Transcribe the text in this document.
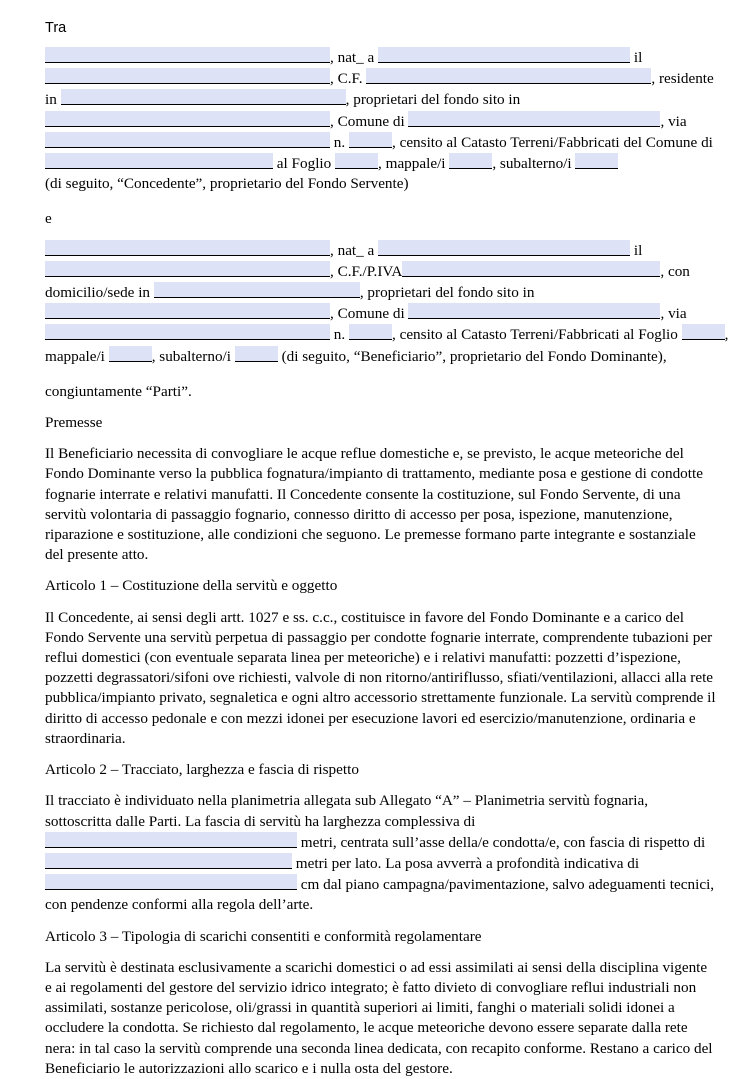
Tra

, nat_ a	il, C.F.	, residente in	, proprietari del fondo sito in , Comune di	, via  n.	, censito al Catasto Terreni/Fabbricati del Comune di  al Foglio	, mappale/i	, subalterno/i  (di seguito, “Concedente”, proprietario del Fondo Servente)

e

, nat_ a	il, C.F./P.IVA	, con domicilio/sede in	, proprietari del fondo sito in , Comune di	, via  n.	, censito al Catasto Terreni/Fabbricati al Foglio	, mappale/i	, subalterno/i	(di seguito, “Beneficiario”, proprietario del Fondo Dominante),

congiuntamente “Parti”.

Premesse

Il Beneficiario necessita di convogliare le acque reflue domestiche e, se previsto, le acque meteoriche del Fondo Dominante verso la pubblica fognatura/impianto di trattamento, mediante posa e gestione di condotte fognarie interrate e relativi manufatti. Il Concedente consente la costituzione, sul Fondo Servente, di una servitù volontaria di passaggio fognario, connesso diritto di accesso per posa, ispezione, manutenzione, riparazione e sostituzione, alle condizioni che seguono. Le premesse formano parte integrante e sostanziale del presente atto.

Articolo 1 – Costituzione della servitù e oggetto

Il Concedente, ai sensi degli artt. 1027 e ss. c.c., costituisce in favore del Fondo Dominante e a carico del Fondo Servente una servitù perpetua di passaggio per condotte fognarie interrate, comprendente tubazioni per reflui domestici (con eventuale separata linea per meteoriche) e i relativi manufatti: pozzetti d’ispezione, pozzetti degrassatori/sifoni ove richiesti, valvole di non ritorno/antiriflusso, sfiati/ventilazioni, allacci alla rete pubblica/impianto privato, segnaletica e ogni altro accessorio strettamente funzionale. La servitù comprende il diritto di accesso pedonale e con mezzi idonei per esecuzione lavori ed esercizio/manutenzione, ordinaria e straordinaria.

Articolo 2 – Tracciato, larghezza e fascia di rispetto

Il tracciato è individuato nella planimetria allegata sub Allegato “A” – Planimetria servitù fognaria, sottoscritta dalle Parti. La fascia di servitù ha larghezza complessiva di  metri, centrata sull’asse della/e condotta/e, con fascia di rispetto di  metri per lato. La posa avverrà a profondità indicativa di  cm dal piano campagna/pavimentazione, salvo adeguamenti tecnici, con pendenze conformi alla regola dell’arte.

Articolo 3 – Tipologia di scarichi consentiti e conformità regolamentare

La servitù è destinata esclusivamente a scarichi domestici o ad essi assimilati ai sensi della disciplina vigente e ai regolamenti del gestore del servizio idrico integrato; è fatto divieto di convogliare reflui industriali non assimilati, sostanze pericolose, oli/grassi in quantità superiori ai limiti, fanghi o materiali solidi idonei a occludere la condotta. Se richiesto dal regolamento, le acque meteoriche devono essere separate dalla rete nera: in tal caso la servitù comprende una seconda linea dedicata, con recapito conforme. Restano a carico del Beneficiario le autorizzazioni allo scarico e i nulla osta del gestore.
